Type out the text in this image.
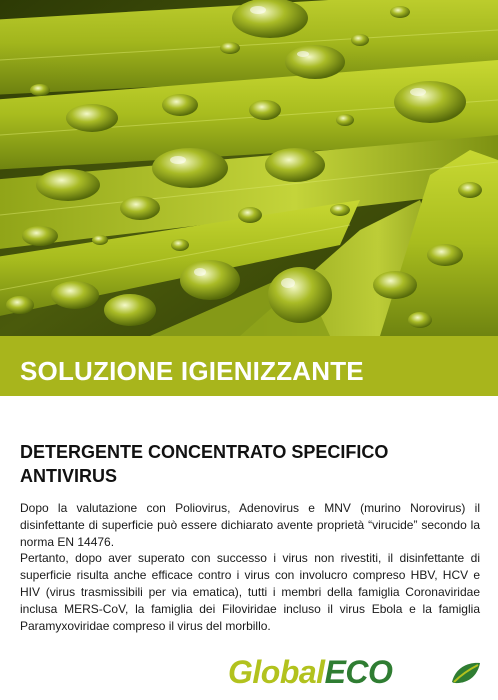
SOLUZIONE IGIENIZZANTE
DETERGENTE CONCENTRATO SPECIFICO ANTIVIRUS

Dopo la valutazione con Poliovirus, Adenovirus e MNV (murino Norovirus) il disinfettante di superficie può essere dichiarato avente proprietà “virucide” secondo la norma EN 14476.

Pertanto, dopo aver superato con successo i virus non rivestiti, il disinfettante di superficie risulta anche efficace contro i virus con involucro compreso HBV, HCV e HIV (virus trasmissibili per via ematica), tutti i membri della famiglia Coronaviridae inclusa MERS-CoV, la famiglia dei Filoviridae incluso il virus Ebola e la famiglia Paramyxoviridae compreso il virus del morbillo.

GlobalECO
